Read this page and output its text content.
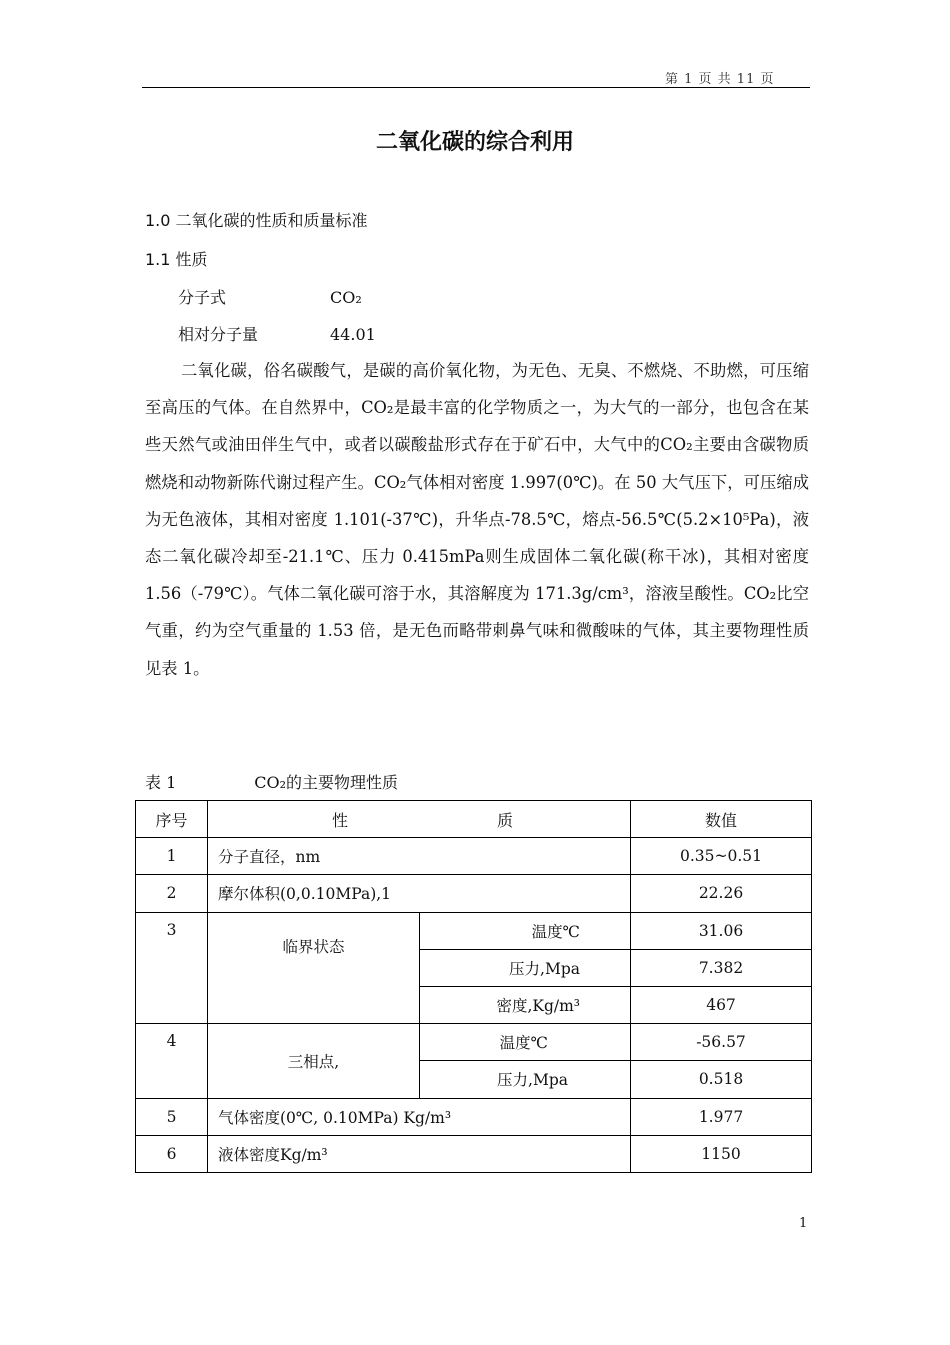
第 1 页 共 11 页
二氧化碳的综合利用
1.0 二氧化碳的性质和质量标准
1.1 性质
分子式	CO₂
相对分子量	44.01

二氧化碳，俗名碳酸气，是碳的高价氧化物，为无色、无臭、不燃烧、不助燃，可压缩至高压的气体。在自然界中，CO₂是最丰富的化学物质之一，为大气的一部分，也包含在某些天然气或油田伴生气中，或者以碳酸盐形式存在于矿石中，大气中的CO₂主要由含碳物质燃烧和动物新陈代谢过程产生。CO₂气体相对密度 1.997(0℃)。在 50 大气压下，可压缩成为无色液体，其相对密度 1.101(-37℃)，升华点-78.5℃，熔点-56.5℃(5.2×10⁵Pa)，液态二氧化碳冷却至-21.1℃、压力 0.415mPa则生成固体二氧化碳(称干冰)，其相对密度 1.56（-79℃）。气体二氧化碳可溶于水，其溶解度为 171.3g/cm³，溶液呈酸性。CO₂比空气重，约为空气重量的 1.53 倍，是无色而略带刺鼻气味和微酸味的气体，其主要物理性质见表 1。

表 1	CO₂的主要物理性质
序号	性 质		数值
1	分子直径，nm		0.35~0.51
2	摩尔体积(0,0.10MPa),1		22.26
3	临界状态	温度℃	31.06
		压力,Mpa	7.382
		密度,Kg/m³	467
4	三相点,	温度℃	-56.57
		压力,Mpa	0.518
5	气体密度(0℃, 0.10MPa) Kg/m³		1.977
6	液体密度Kg/m³		1150
1
